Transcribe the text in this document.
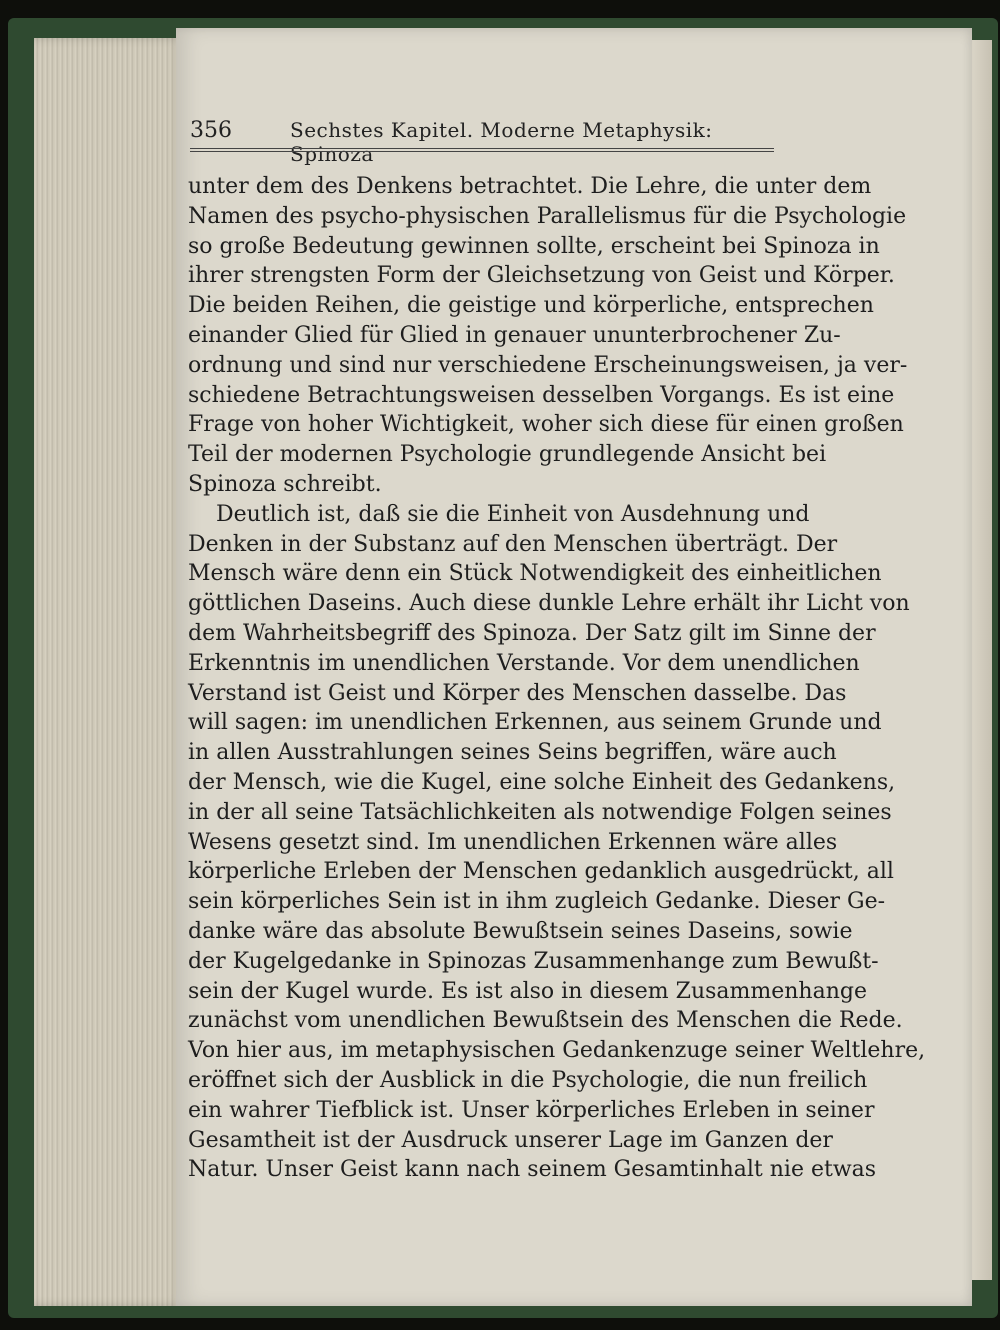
356	Sechstes Kapitel. Moderne Metaphysik: Spinoza
unter dem des Denkens betrachtet. Die Lehre, die unter dem
Namen des psycho-physischen Parallelismus für die Psychologie
so große Bedeutung gewinnen sollte, erscheint bei Spinoza in
ihrer strengsten Form der Gleichsetzung von Geist und Körper.
Die beiden Reihen, die geistige und körperliche, entsprechen
einander Glied für Glied in genauer ununterbrochener Zu-
ordnung und sind nur verschiedene Erscheinungsweisen, ja ver-
schiedene Betrachtungsweisen desselben Vorgangs. Es ist eine
Frage von hoher Wichtigkeit, woher sich diese für einen großen
Teil der modernen Psychologie grundlegende Ansicht bei
Spinoza schreibt.
Deutlich ist, daß sie die Einheit von Ausdehnung und
Denken in der Substanz auf den Menschen überträgt. Der
Mensch wäre denn ein Stück Notwendigkeit des einheitlichen
göttlichen Daseins. Auch diese dunkle Lehre erhält ihr Licht von
dem Wahrheitsbegriff des Spinoza. Der Satz gilt im Sinne der
Erkenntnis im unendlichen Verstande. Vor dem unendlichen
Verstand ist Geist und Körper des Menschen dasselbe. Das
will sagen: im unendlichen Erkennen, aus seinem Grunde und
in allen Ausstrahlungen seines Seins begriffen, wäre auch
der Mensch, wie die Kugel, eine solche Einheit des Gedankens,
in der all seine Tatsächlichkeiten als notwendige Folgen seines
Wesens gesetzt sind. Im unendlichen Erkennen wäre alles
körperliche Erleben der Menschen gedanklich ausgedrückt, all
sein körperliches Sein ist in ihm zugleich Gedanke. Dieser Ge-
danke wäre das absolute Bewußtsein seines Daseins, sowie
der Kugelgedanke in Spinozas Zusammenhange zum Bewußt-
sein der Kugel wurde. Es ist also in diesem Zusammenhange
zunächst vom unendlichen Bewußtsein des Menschen die Rede.
Von hier aus, im metaphysischen Gedankenzuge seiner Weltlehre,
eröffnet sich der Ausblick in die Psychologie, die nun freilich
ein wahrer Tiefblick ist. Unser körperliches Erleben in seiner
Gesamtheit ist der Ausdruck unserer Lage im Ganzen der
Natur. Unser Geist kann nach seinem Gesamtinhalt nie etwas
